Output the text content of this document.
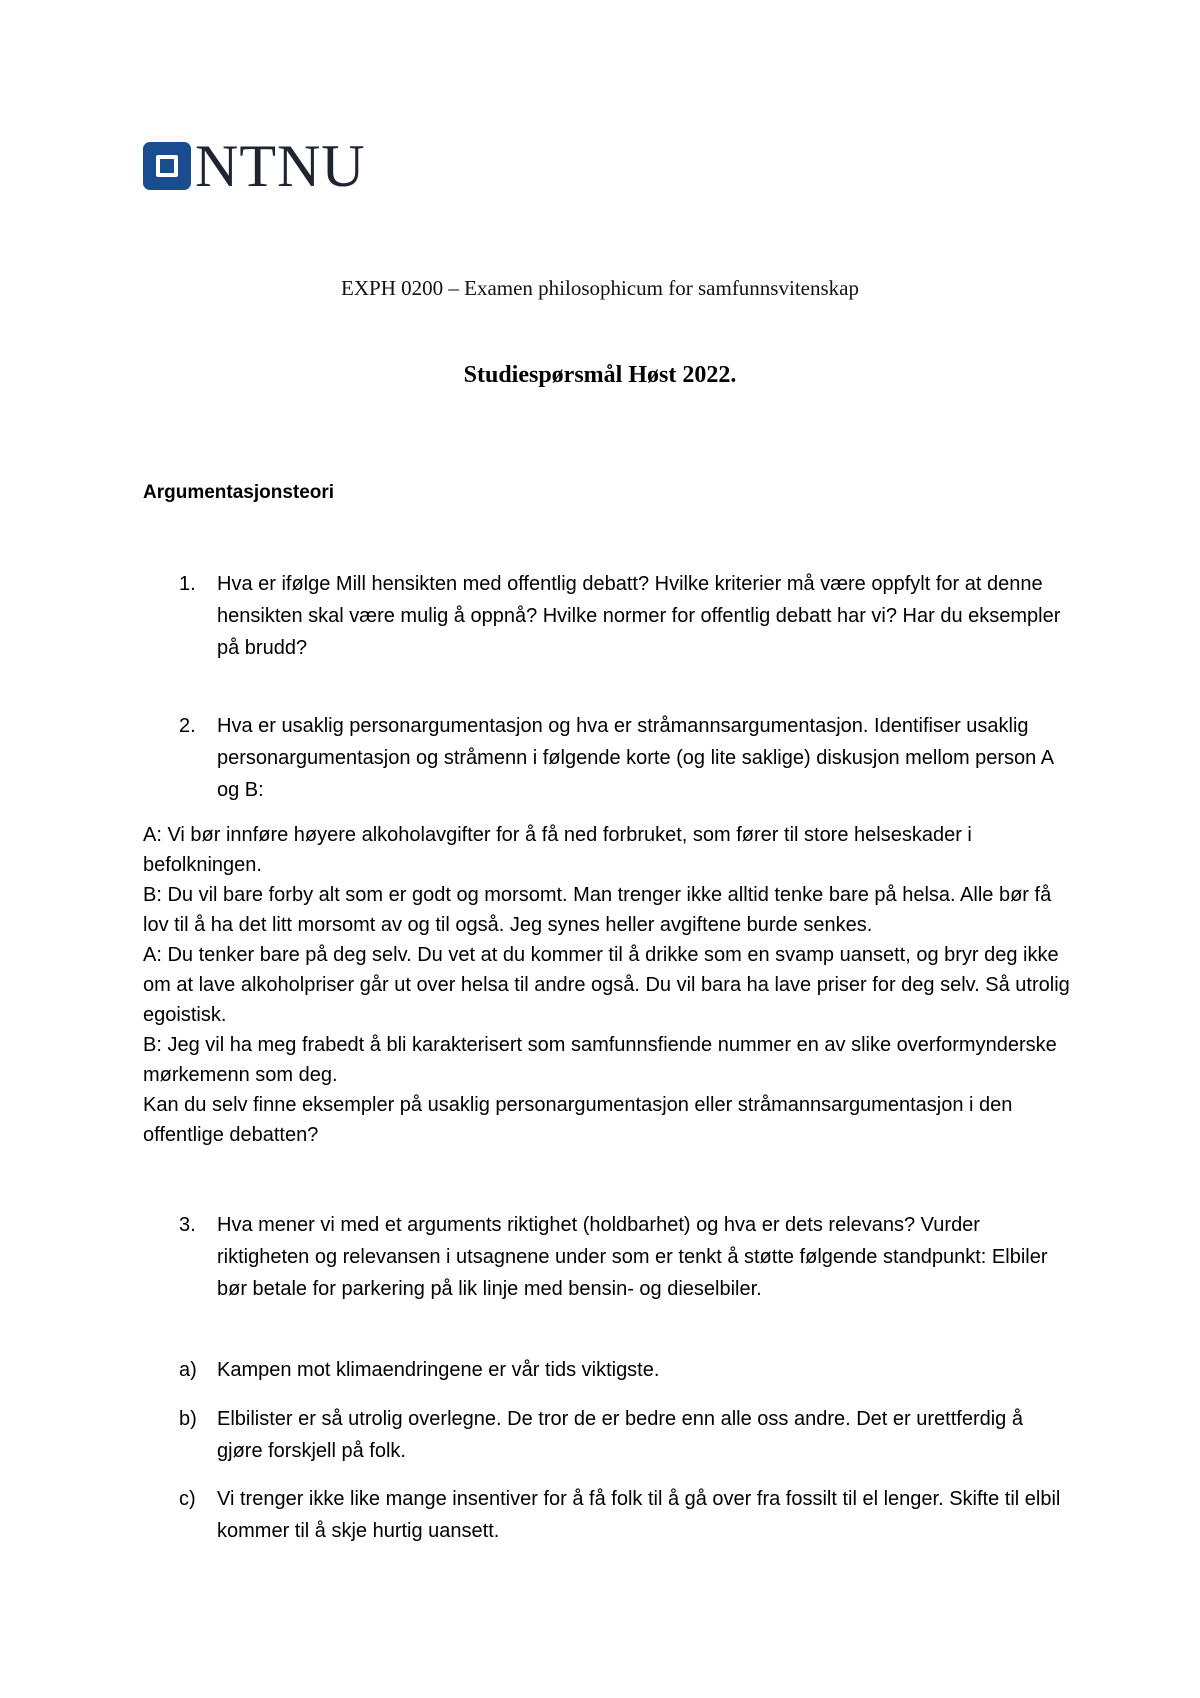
NTNU
EXPH 0200 – Examen philosophicum for samfunnsvitenskap
Studiespørsmål Høst 2022.
Argumentasjonsteori
1. Hva er ifølge Mill hensikten med offentlig debatt? Hvilke kriterier må være oppfylt for at denne hensikten skal være mulig å oppnå? Hvilke normer for offentlig debatt har vi? Har du eksempler på brudd?
2. Hva er usaklig personargumentasjon og hva er stråmannsargumentasjon. Identifiser usaklig personargumentasjon og stråmenn i følgende korte (og lite saklige) diskusjon mellom person A og B:

A: Vi bør innføre høyere alkoholavgifter for å få ned forbruket, som fører til store helseskader i befolkningen.

B: Du vil bare forby alt som er godt og morsomt. Man trenger ikke alltid tenke bare på helsa. Alle bør få lov til å ha det litt morsomt av og til også. Jeg synes heller avgiftene burde senkes.

A: Du tenker bare på deg selv. Du vet at du kommer til å drikke som en svamp uansett, og bryr deg ikke om at lave alkoholpriser går ut over helsa til andre også. Du vil bara ha lave priser for deg selv. Så utrolig egoistisk.

B: Jeg vil ha meg frabedt å bli karakterisert som samfunnsfiende nummer en av slike overformynderske mørkemenn som deg.

Kan du selv finne eksempler på usaklig personargumentasjon eller stråmannsargumentasjon i den offentlige debatten?

3. Hva mener vi med et arguments riktighet (holdbarhet) og hva er dets relevans? Vurder riktigheten og relevansen i utsagnene under som er tenkt å støtte følgende standpunkt: Elbiler bør betale for parkering på lik linje med bensin- og dieselbiler.
a) Kampen mot klimaendringene er vår tids viktigste.
b) Elbilister er så utrolig overlegne. De tror de er bedre enn alle oss andre. Det er urettferdig å gjøre forskjell på folk.
c) Vi trenger ikke like mange insentiver for å få folk til å gå over fra fossilt til el lenger. Skifte til elbil kommer til å skje hurtig uansett.
